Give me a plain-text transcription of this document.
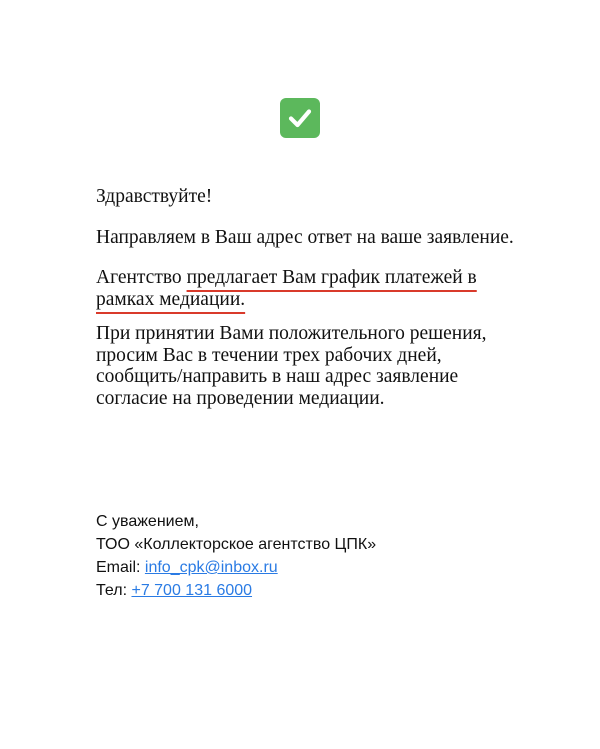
Здравствуйте!

Направляем в Ваш адрес ответ на ваше заявление.

Агентство предлагает Вам график платежей в рамках медиации.

При принятии Вами положительного решения, просим Вас в течении трех рабочих дней, сообщить/направить в наш адрес заявление согласие на проведении медиации.

С уважением,
ТОО «Коллекторское агентство ЦПК»
Email: info_cpk@inbox.ru
Тел: +7 700 131 6000
